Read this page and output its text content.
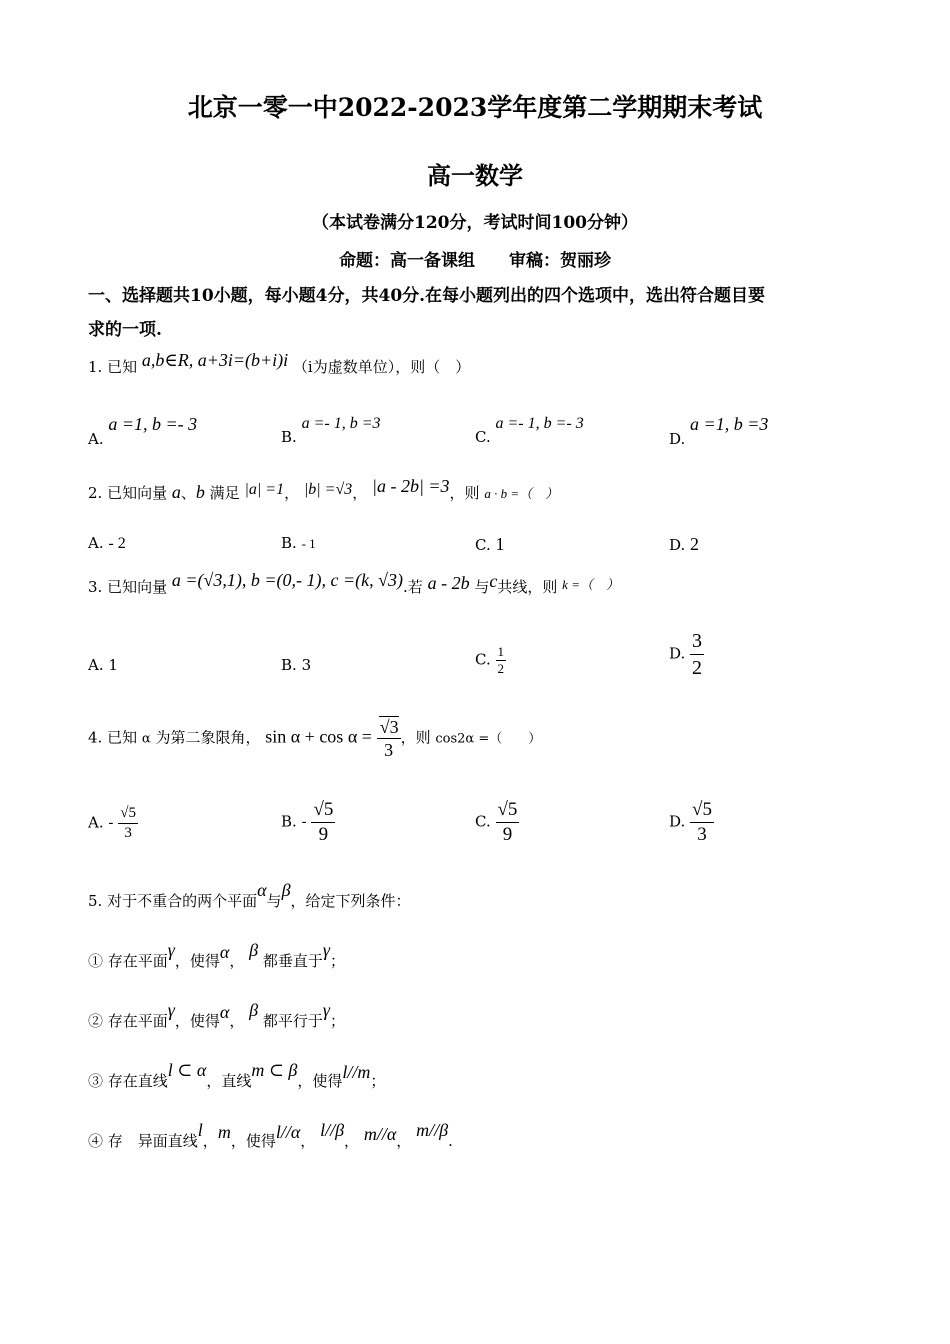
北京一零一中2022-2023学年度第二学期期末考试
高一数学
（本试卷满分120分，考试时间100分钟）
命题：高一备课组　　审稿：贺丽珍
一、选择题共10小题，每小题4分，共40分.在每小题列出的四个选项中，选出符合题目要
求的一项.
1. 已知 a,b∈R, a+3i=(b+i)i （i为虚数单位），则（　）
A. a =1, b =- 3
B. a =- 1, b =3
C. a =- 1, b =- 3
D. a =1, b =3
2. 已知向量 a、b 满足 |a| =1， |b| =√3， |a - 2b| =3，则 a · b =（　）
A. - 2	B. - 1	C. 1	D. 2
3. 已知向量 a =(√3,1), b =(0,- 1), c =(k, √3).若 a - 2b 与c共线，则 k =（　）
A. 1	B. 3	C. $\frac{1}{2}$	D. $\frac{3}{2}$
4. 已知 α 为第二象限角， $\sin \alpha + \cos \alpha = \frac{√3}{3}$ ，则 cos2α =（　　）
A. - $\frac{√5}{3}$	B. - $\frac{√5}{9}$	C. $\frac{√5}{9}$	D. $\frac{√5}{3}$
5. 对于不重合的两个平面α与β，给定下列条件：
① 存在平面γ，使得α， β 都垂直于γ；
② 存在平面γ，使得α， β 都平行于γ；
③ 存在直线l ⊂ α，直线m ⊂ β，使得l//m；
④ 存　异面直线l，m，使得l//α， l//β， m//α， m//β.
